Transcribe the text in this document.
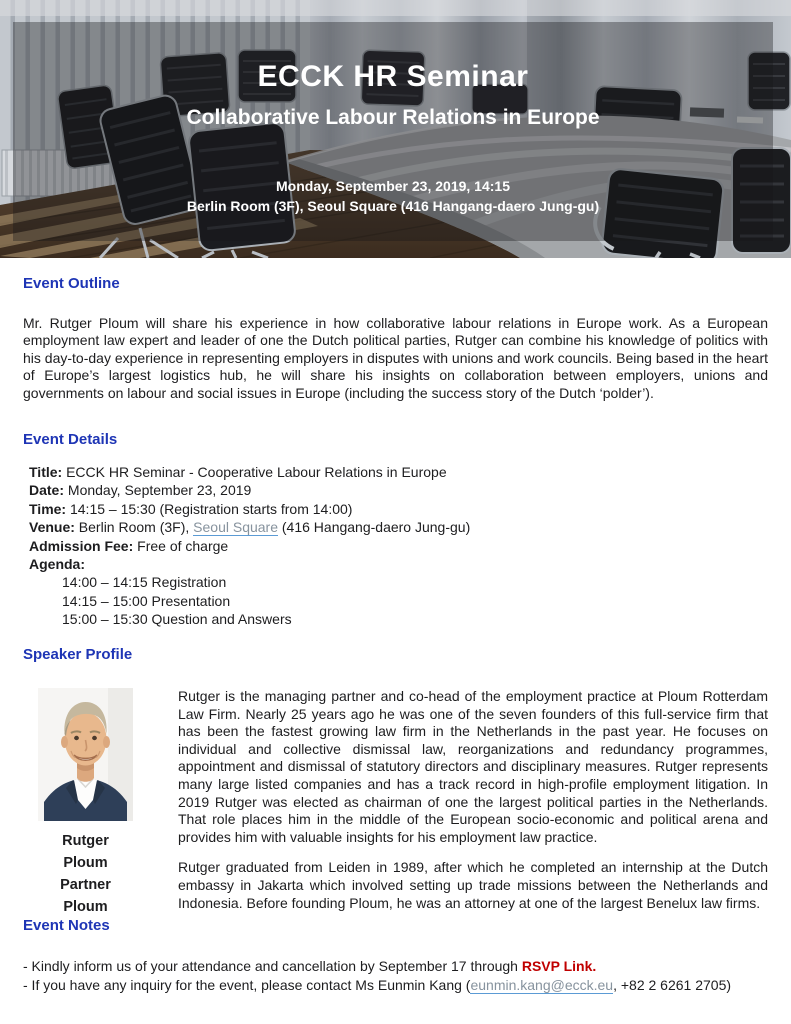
ECCK HR Seminar
Collaborative Labour Relations in Europe
Monday, September 23, 2019, 14:15
Berlin Room (3F), Seoul Square (416 Hangang-daero Jung-gu)
Event Outline

Mr. Rutger Ploum will share his experience in how collaborative labour relations in Europe work. As a European employment law expert and leader of one the Dutch political parties, Rutger can combine his knowledge of politics with his day-to-day experience in representing employers in disputes with unions and work councils. Being based in the heart of Europe’s largest logistics hub, he will share his insights on collaboration between employers, unions and governments on labour and social issues in Europe (including the success story of the Dutch ‘polder’).

Event Details
Title: ECCK HR Seminar - Cooperative Labour Relations in Europe
Date: Monday, September 23, 2019
Time: 14:15 – 15:30 (Registration starts from 14:00)
Venue: Berlin Room (3F), Seoul Square (416 Hangang-daero Jung-gu)
Admission Fee: Free of charge
Agenda:
14:00 – 14:15 Registration
14:15 – 15:00 Presentation
15:00 – 15:30 Question and Answers
Speaker Profile
Rutger Ploum
Partner
Ploum

Rutger is the managing partner and co-head of the employment practice at Ploum Rotterdam Law Firm. Nearly 25 years ago he was one of the seven founders of this full-service firm that has been the fastest growing law firm in the Netherlands in the past year. He focuses on individual and collective dismissal law, reorganizations and redundancy programmes, appointment and dismissal of statutory directors and disciplinary measures. Rutger represents many large listed companies and has a track record in high-profile employment litigation. In 2019 Rutger was elected as chairman of one the largest political parties in the Netherlands. That role places him in the middle of the European socio-economic and political arena and provides him with valuable insights for his employment law practice.

Rutger graduated from Leiden in 1989, after which he completed an internship at the Dutch embassy in Jakarta which involved setting up trade missions between the Netherlands and Indonesia. Before founding Ploum, he was an attorney at one of the largest Benelux law firms.

Event Notes
- Kindly inform us of your attendance and cancellation by September 17 through RSVP Link.
- If you have any inquiry for the event, please contact Ms Eunmin Kang (eunmin.kang@ecck.eu, +82 2 6261 2705)
